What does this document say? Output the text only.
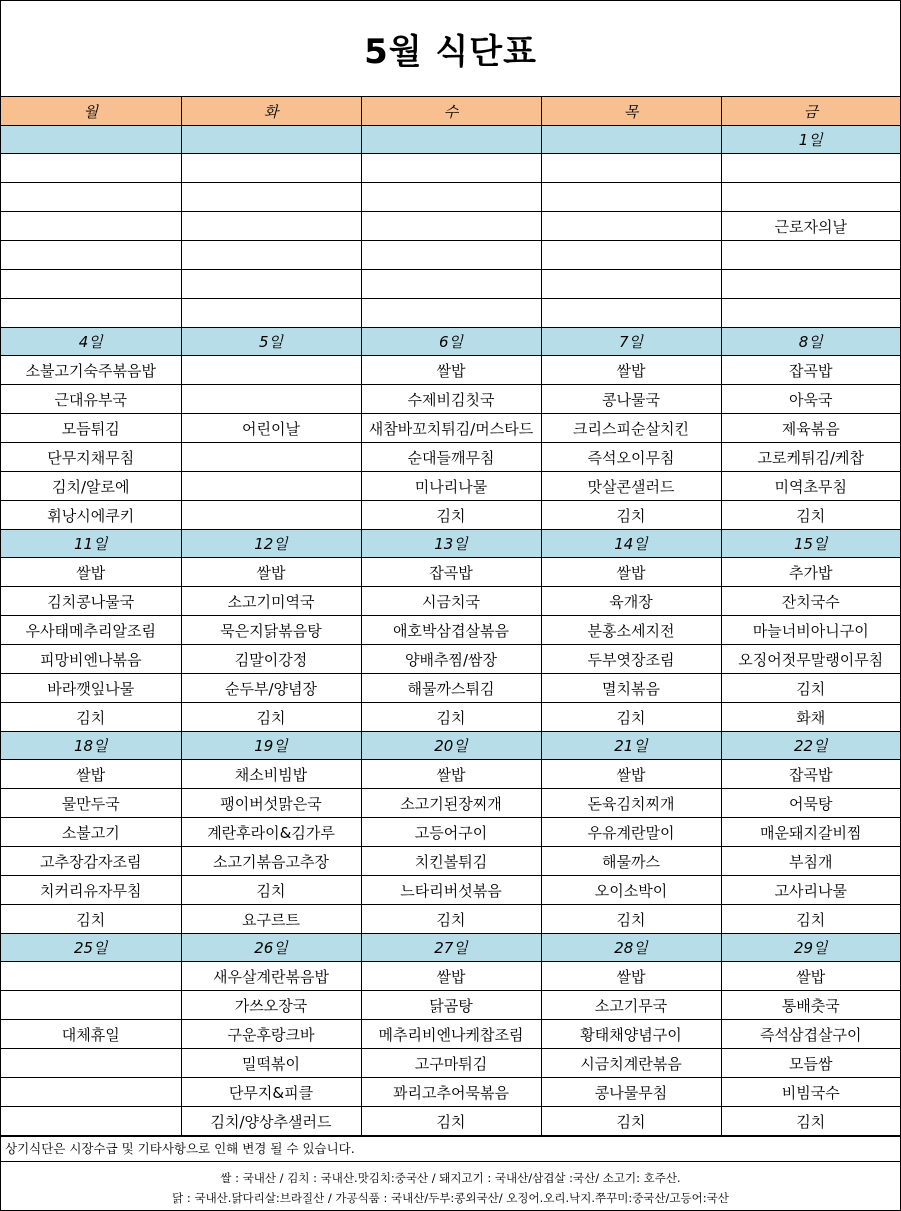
5월 식단표
월	화	수	목	금
				1일

				근로자의날

4일	5일	6일	7일	8일
소불고기숙주볶음밥		쌀밥	쌀밥	잡곡밥
근대유부국		수제비김칫국	콩나물국	아욱국
모듬튀김	어린이날	새참바꼬치튀김/머스타드	크리스피순살치킨	제육볶음
단무지채무침		순대들깨무침	즉석오이무침	고로케튀김/케찹
김치/알로에		미나리나물	맛살콘샐러드	미역초무침
휘낭시에쿠키		김치	김치	김치
11일	12일	13일	14일	15일
쌀밥	쌀밥	잡곡밥	쌀밥	추가밥
김치콩나물국	소고기미역국	시금치국	육개장	잔치국수
우사태메추리알조림	묵은지닭볶음탕	애호박삼겹살볶음	분홍소세지전	마늘너비아니구이
피망비엔나볶음	김말이강정	양배추찜/쌈장	두부엿장조림	오징어젓무말랭이무침
바라깻잎나물	순두부/양념장	해물까스튀김	멸치볶음	김치
김치	김치	김치	김치	화채
18일	19일	20일	21일	22일
쌀밥	채소비빔밥	쌀밥	쌀밥	잡곡밥
물만두국	팽이버섯맑은국	소고기된장찌개	돈육김치찌개	어묵탕
소불고기	계란후라이&김가루	고등어구이	우유계란말이	매운돼지갈비찜
고추장감자조림	소고기볶음고추장	치킨볼튀김	해물까스	부침개
치커리유자무침	김치	느타리버섯볶음	오이소박이	고사리나물
김치	요구르트	김치	김치	김치
25일	26일	27일	28일	29일
	새우살계란볶음밥	쌀밥	쌀밥	쌀밥
	가쓰오장국	닭곰탕	소고기무국	통배춧국
대체휴일	구운후랑크바	메추리비엔나케찹조림	황태채양념구이	즉석삼겹살구이
	밀떡볶이	고구마튀김	시금치계란볶음	모듬쌈
	단무지&피클	꽈리고추어묵볶음	콩나물무침	비빔국수
	김치/양상추샐러드	김치	김치	김치
상기식단은 시장수급 및 기타사항으로 인해 변경 될 수 있습니다.
쌀 : 국내산 / 김치 : 국내산.맛김치:중국산 / 돼지고기 : 국내산/삼겹살 :국산/ 소고기: 호주산.
닭 : 국내산.닭다리살:브라질산 / 가공식품 : 국내산/두부:콩외국산/ 오징어.오리.낙지.쭈꾸미:중국산/고등어:국산
